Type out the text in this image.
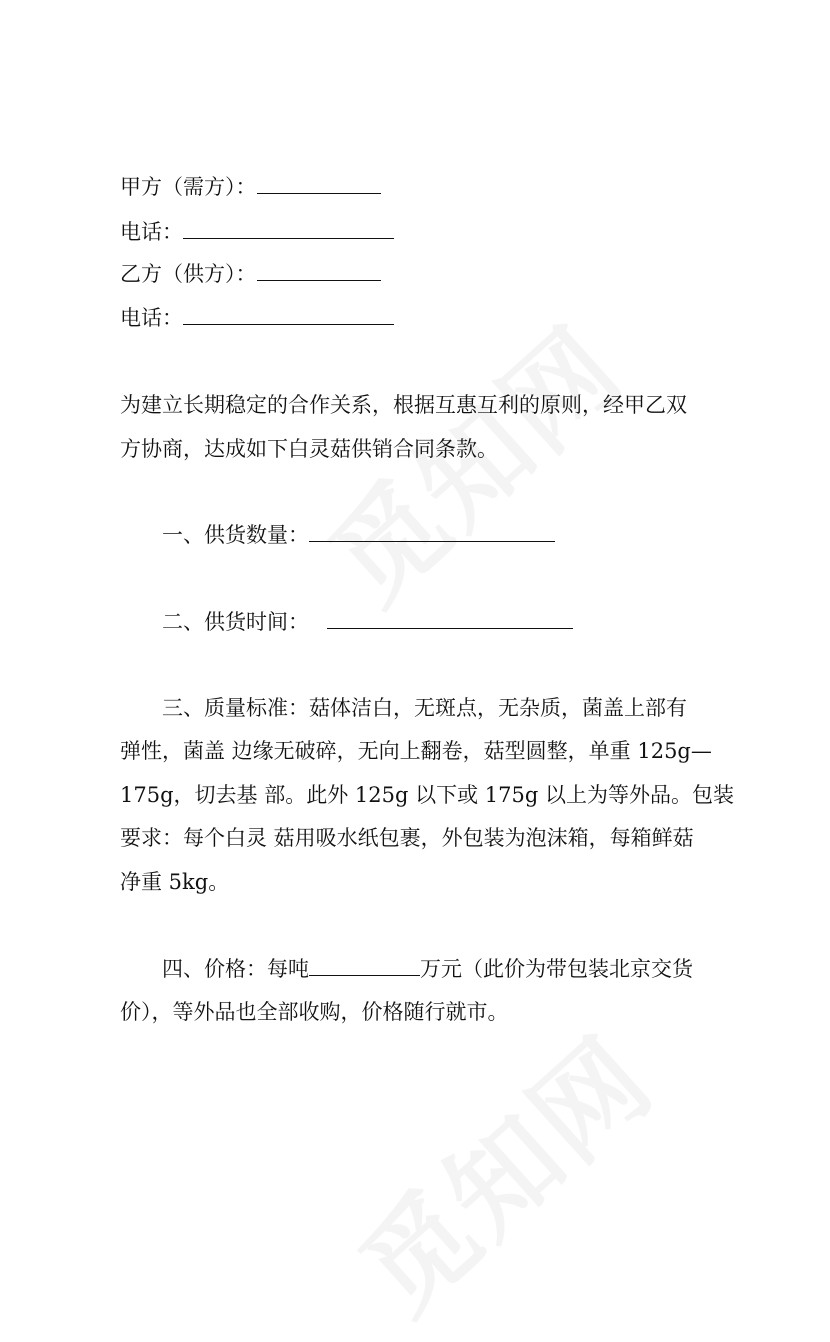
甲方（需方）：
电话：
乙方（供方）：
电话：
为建立长期稳定的合作关系，根据互惠互利的原则，经甲乙双
方协商，达成如下白灵菇供销合同条款。
一、供货数量：
二、供货时间：
三、质量标准：菇体洁白，无斑点，无杂质，菌盖上部有
弹性，菌盖 边缘无破碎，无向上翻卷，菇型圆整，单重 125g—
175g，切去基 部。此外 125g 以下或 175g 以上为等外品。包装
要求：每个白灵 菇用吸水纸包裹，外包装为泡沫箱，每箱鲜菇
净重 5kg。
四、价格：每吨	万元（此价为带包装北京交货
价），等外品也全部收购，价格随行就市。
